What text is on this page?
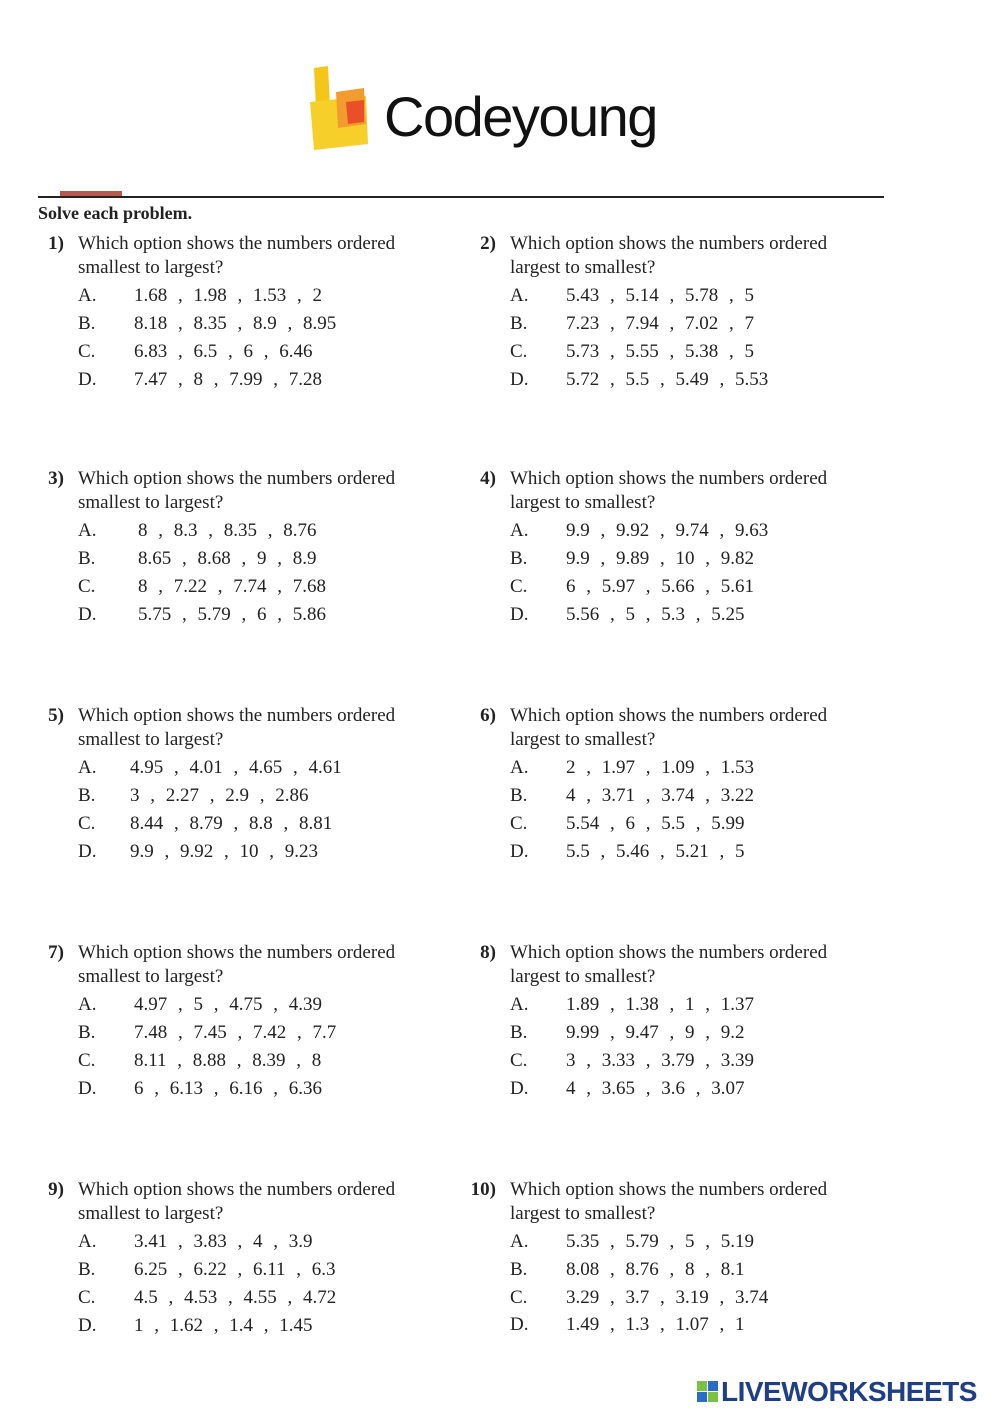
Codeyoung
Solve each problem.
1) Which option shows the numbers ordered
smallest to largest?
A. 1.68 , 1.98 , 1.53 , 2
B. 8.18 , 8.35 , 8.9 , 8.95
C. 6.83 , 6.5 , 6 , 6.46
D. 7.47 , 8 , 7.99 , 7.28
2) Which option shows the numbers ordered
largest to smallest?
A. 5.43 , 5.14 , 5.78 , 5
B. 7.23 , 7.94 , 7.02 , 7
C. 5.73 , 5.55 , 5.38 , 5
D. 5.72 , 5.5 , 5.49 , 5.53
3) Which option shows the numbers ordered
smallest to largest?
A. 8 , 8.3 , 8.35 , 8.76
B. 8.65 , 8.68 , 9 , 8.9
C. 8 , 7.22 , 7.74 , 7.68
D. 5.75 , 5.79 , 6 , 5.86
4) Which option shows the numbers ordered
largest to smallest?
A. 9.9 , 9.92 , 9.74 , 9.63
B. 9.9 , 9.89 , 10 , 9.82
C. 6 , 5.97 , 5.66 , 5.61
D. 5.56 , 5 , 5.3 , 5.25
5) Which option shows the numbers ordered
smallest to largest?
A. 4.95 , 4.01 , 4.65 , 4.61
B. 3 , 2.27 , 2.9 , 2.86
C. 8.44 , 8.79 , 8.8 , 8.81
D. 9.9 , 9.92 , 10 , 9.23
6) Which option shows the numbers ordered
largest to smallest?
A. 2 , 1.97 , 1.09 , 1.53
B. 4 , 3.71 , 3.74 , 3.22
C. 5.54 , 6 , 5.5 , 5.99
D. 5.5 , 5.46 , 5.21 , 5
7) Which option shows the numbers ordered
smallest to largest?
A. 4.97 , 5 , 4.75 , 4.39
B. 7.48 , 7.45 , 7.42 , 7.7
C. 8.11 , 8.88 , 8.39 , 8
D. 6 , 6.13 , 6.16 , 6.36
8) Which option shows the numbers ordered
largest to smallest?
A. 1.89 , 1.38 , 1 , 1.37
B. 9.99 , 9.47 , 9 , 9.2
C. 3 , 3.33 , 3.79 , 3.39
D. 4 , 3.65 , 3.6 , 3.07
9) Which option shows the numbers ordered
smallest to largest?
A. 3.41 , 3.83 , 4 , 3.9
B. 6.25 , 6.22 , 6.11 , 6.3
C. 4.5 , 4.53 , 4.55 , 4.72
D. 1 , 1.62 , 1.4 , 1.45
10) Which option shows the numbers ordered
largest to smallest?
A. 5.35 , 5.79 , 5 , 5.19
B. 8.08 , 8.76 , 8 , 8.1
C. 3.29 , 3.7 , 3.19 , 3.74
D. 1.49 , 1.3 , 1.07 , 1
LIVEWORKSHEETS
